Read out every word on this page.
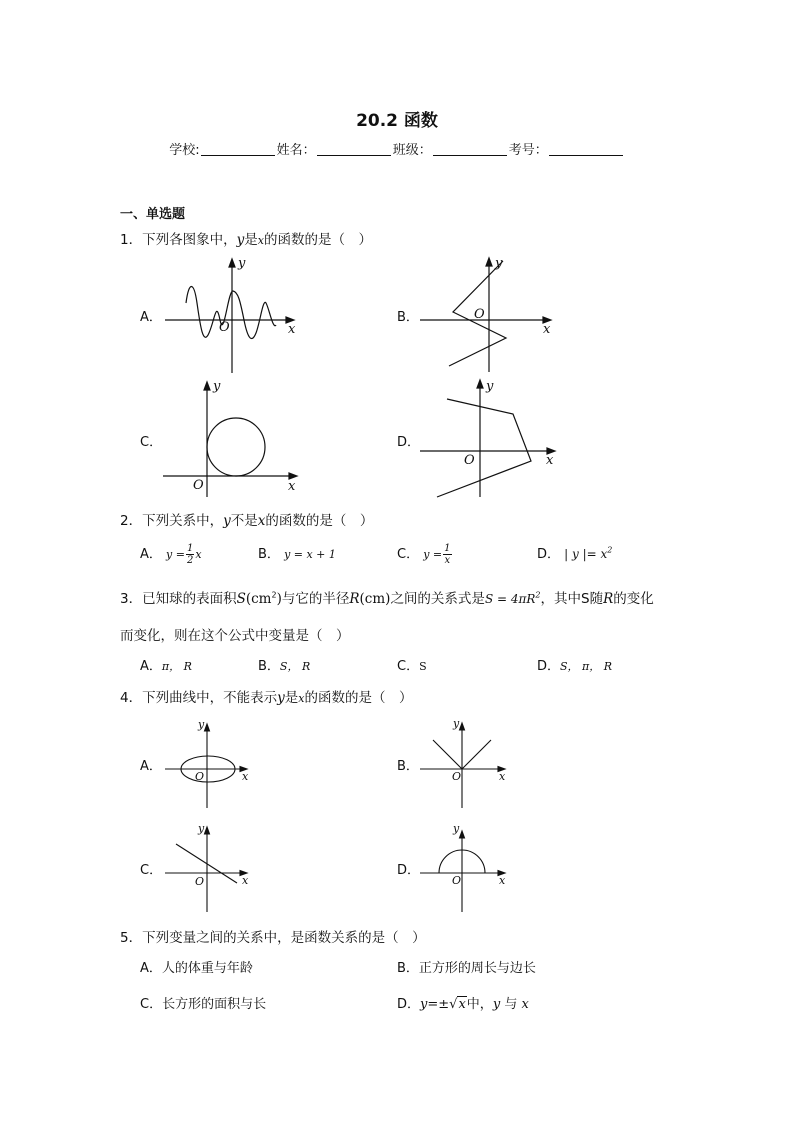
20.2 函数
学校:	姓名：	班级：	考号：
一、单选题
1．下列各图象中，y是x的函数的是（　）
A．
y
x
O
B．
y
x
O
C．
y
x
O
D．
y
x
O
2．下列关系中，y不是x的函数的是（　）
A． $y = \frac{1}{2}$ x	B． y = x + 1	C． $y = \frac{1}{x}$	D． | y |= $x^2$
3．已知球的表面积$S(cm^2)$与它的半径R(cm)之间的关系式是$S = 4\pi R^2$，其中S随R的变化
而变化，则在这个公式中变量是（　）
A．π， R	B．S， R	C．S	D．S， π， R
4．下列曲线中，不能表示y是x的函数的是（　）
A．
y
x
O
B．
y
x
O
C．
y
x
O
D．
y
x
O
5．下列变量之间的关系中，是函数关系的是（　）
A．人的体重与年龄	B．正方形的周长与边长
C．长方形的面积与长	D．y=±√x中，y 与 x
